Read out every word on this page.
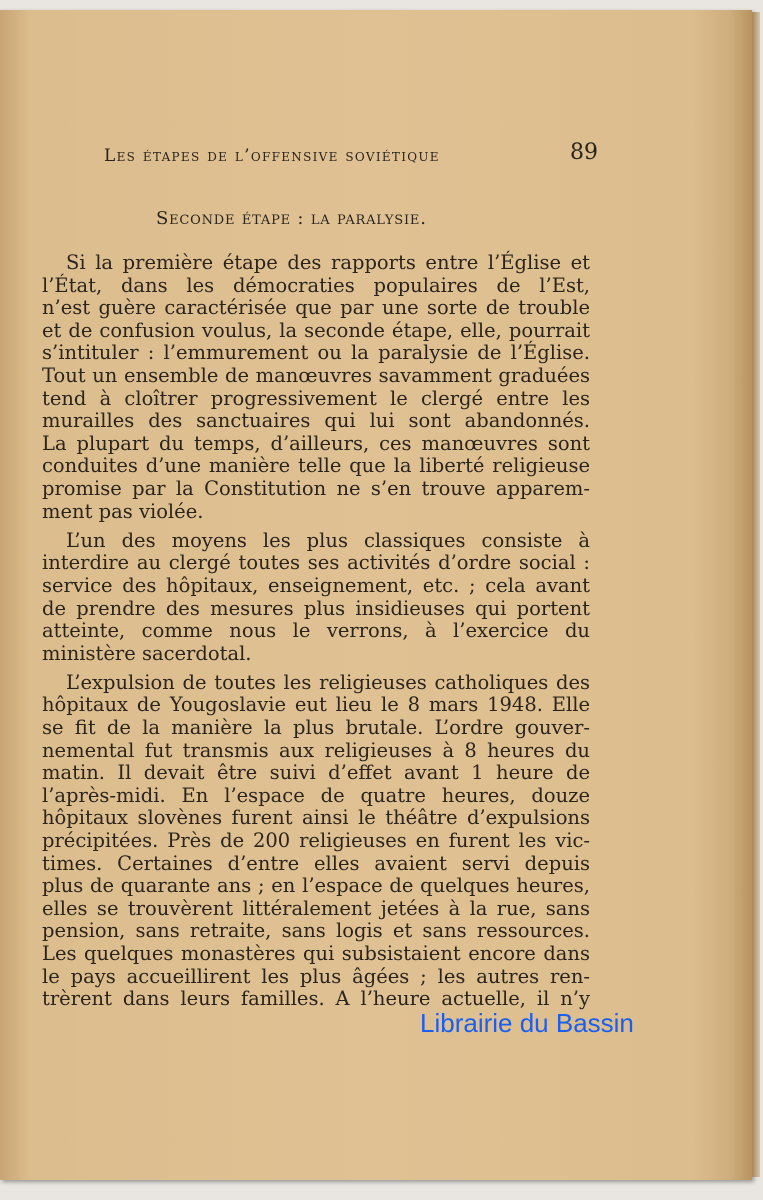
Les étapes de l’offensive soviétique	89
Seconde étape : la paralysie.
Si la première étape des rapports entre l’Église et
l’État, dans les démocraties populaires de l’Est,
n’est guère caractérisée que par une sorte de trouble
et de confusion voulus, la seconde étape, elle, pourrait
s’intituler : l’emmurement ou la paralysie de l’Église.
Tout un ensemble de manœuvres savamment graduées
tend à cloîtrer progressivement le clergé entre les
murailles des sanctuaires qui lui sont abandonnés.
La plupart du temps, d’ailleurs, ces manœuvres sont
conduites d’une manière telle que la liberté religieuse
promise par la Constitution ne s’en trouve apparem-
ment pas violée.
L’un des moyens les plus classiques consiste à
interdire au clergé toutes ses activités d’ordre social :
service des hôpitaux, enseignement, etc. ; cela avant
de prendre des mesures plus insidieuses qui portent
atteinte, comme nous le verrons, à l’exercice du
ministère sacerdotal.
L’expulsion de toutes les religieuses catholiques des
hôpitaux de Yougoslavie eut lieu le 8 mars 1948. Elle
se fit de la manière la plus brutale. L’ordre gouver-
nemental fut transmis aux religieuses à 8 heures du
matin. Il devait être suivi d’effet avant 1 heure de
l’après-midi. En l’espace de quatre heures, douze
hôpitaux slovènes furent ainsi le théâtre d’expulsions
précipitées. Près de 200 religieuses en furent les vic-
times. Certaines d’entre elles avaient servi depuis
plus de quarante ans ; en l’espace de quelques heures,
elles se trouvèrent littéralement jetées à la rue, sans
pension, sans retraite, sans logis et sans ressources.
Les quelques monastères qui subsistaient encore dans
le pays accueillirent les plus âgées ; les autres ren-
trèrent dans leurs familles. A l’heure actuelle, il n’y
Librairie du Bassin
